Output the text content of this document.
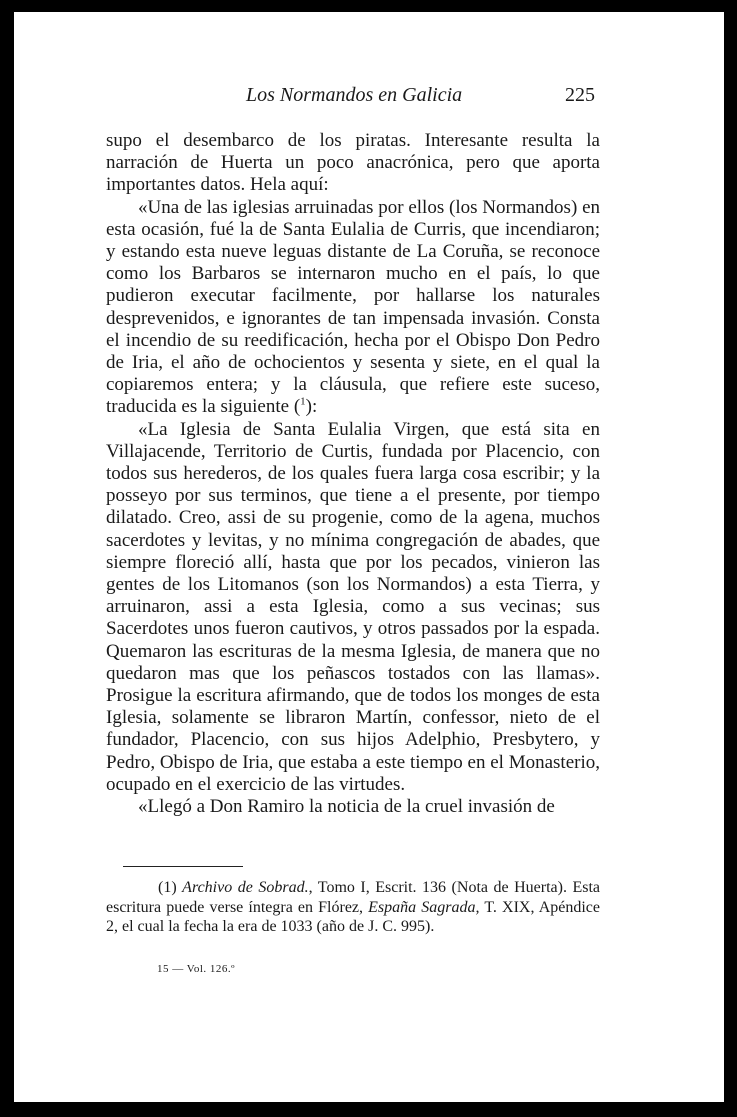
Los Normandos en Galicia	225

supo el desembarco de los piratas. Interesante resulta la narración de Huerta un poco anacrónica, pero que aporta importantes datos. Hela aquí:

«Una de las iglesias arruinadas por ellos (los Normandos) en esta ocasión, fué la de Santa Eulalia de Curris, que incendiaron; y estando esta nueve leguas distante de La Coruña, se reconoce como los Barbaros se internaron mucho en el país, lo que pudieron executar facilmente, por hallarse los naturales desprevenidos, e ignorantes de tan impensada invasión. Consta el incendio de su reedificación, hecha por el Obispo Don Pedro de Iria, el año de ochocientos y sesenta y siete, en el qual la copiaremos entera; y la cláusula, que refiere este suceso, traducida es la siguiente ($^1$):

«La Iglesia de Santa Eulalia Virgen, que está sita en Villajacende, Territorio de Curtis, fundada por Placencio, con todos sus herederos, de los quales fuera larga cosa escribir; y la posseyo por sus terminos, que tiene a el presente, por tiempo dilatado. Creo, assi de su progenie, como de la agena, muchos sacerdotes y levitas, y no mínima congregación de abades, que siempre floreció allí, hasta que por los pecados, vinieron las gentes de los Litomanos (son los Normandos) a esta Tierra, y arruinaron, assi a esta Iglesia, como a sus vecinas; sus Sacerdotes unos fueron cautivos, y otros passados por la espada. Quemaron las escrituras de la mesma Iglesia, de manera que no quedaron mas que los peñascos tostados con las llamas». Prosigue la escritura afirmando, que de todos los monges de esta Iglesia, solamente se libraron Martín, confessor, nieto de el fundador, Placencio, con sus hijos Adelphio, Presbytero, y Pedro, Obispo de Iria, que estaba a este tiempo en el Monasterio, ocupado en el exercicio de las virtudes.

«Llegó a Don Ramiro la noticia de la cruel invasión de

(1) Archivo de Sobrad., Tomo I, Escrit. 136 (Nota de Huerta). Esta escritura puede verse íntegra en Flórez, España Sagrada, T. XIX, Apéndice 2, el cual la fecha la era de 1033 (año de J. C. 995).

15 — Vol. 126.º
